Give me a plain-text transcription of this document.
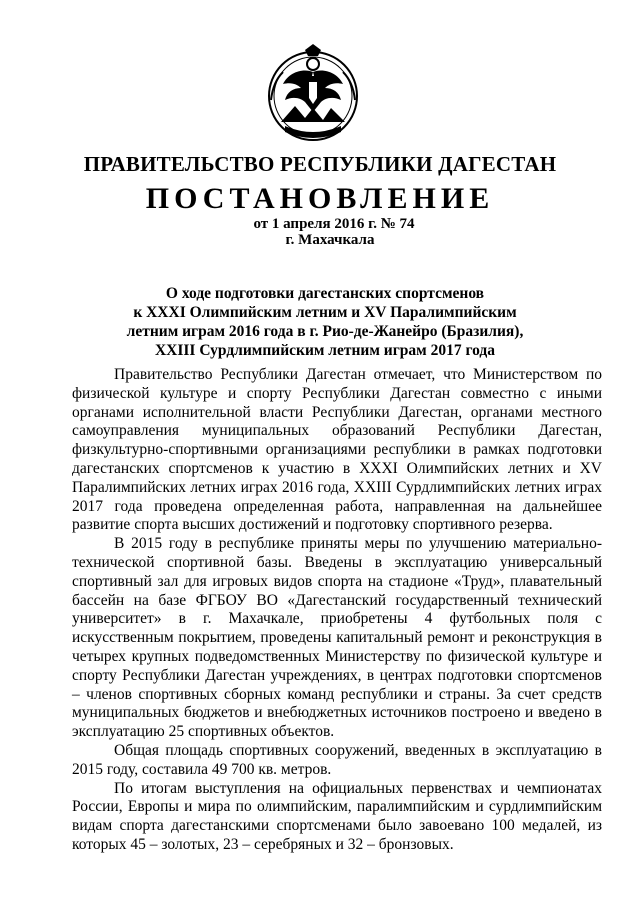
ПРАВИТЕЛЬСТВО РЕСПУБЛИКИ ДАГЕСТАН
ПОСТАНОВЛЕНИЕ
от 1 апреля 2016 г. № 74
г. Махачкала
О ходе подготовки дагестанских спортсменов
к XXXI Олимпийским летним и XV Паралимпийским
летним играм 2016 года в г. Рио-де-Жанейро (Бразилия),
XXIII Сурдлимпийским летним играм 2017 года

Правительство Республики Дагестан отмечает, что Министерством по физической культуре и спорту Республики Дагестан совместно с иными органами исполнительной власти Республики Дагестан, органами местного самоуправления муниципальных образований Республики Дагестан, физкультурно-спортивными организациями республики в рамках подготовки дагестанских спортсменов к участию в XXXI Олимпийских летних и XV Паралимпийских летних играх 2016 года, XXIII Сурдлимпийских летних играх 2017 года проведена определенная работа, направленная на дальнейшее развитие спорта высших достижений и подготовку спортивного резерва.

В 2015 году в республике приняты меры по улучшению материально-технической спортивной базы. Введены в эксплуатацию универсальный спортивный зал для игровых видов спорта на стадионе «Труд», плавательный бассейн на базе ФГБОУ ВО «Дагестанский государственный технический университет» в г. Махачкале, приобретены 4 футбольных поля с искусственным покрытием, проведены капитальный ремонт и реконструкция в четырех крупных подведомственных Министерству по физической культуре и спорту Республики Дагестан учреждениях, в центрах подготовки спортсменов – членов спортивных сборных команд республики и страны. За счет средств муниципальных бюджетов и внебюджетных источников построено и введено в эксплуатацию 25 спортивных объектов.

Общая площадь спортивных сооружений, введенных в эксплуатацию в 2015 году, составила 49 700 кв. метров.

По итогам выступления на официальных первенствах и чемпионатах России, Европы и мира по олимпийским, паралимпийским и сурдлимпийским видам спорта дагестанскими спортсменами было завоевано 100 медалей, из которых 45 – золотых, 23 – серебряных и 32 – бронзовых.
